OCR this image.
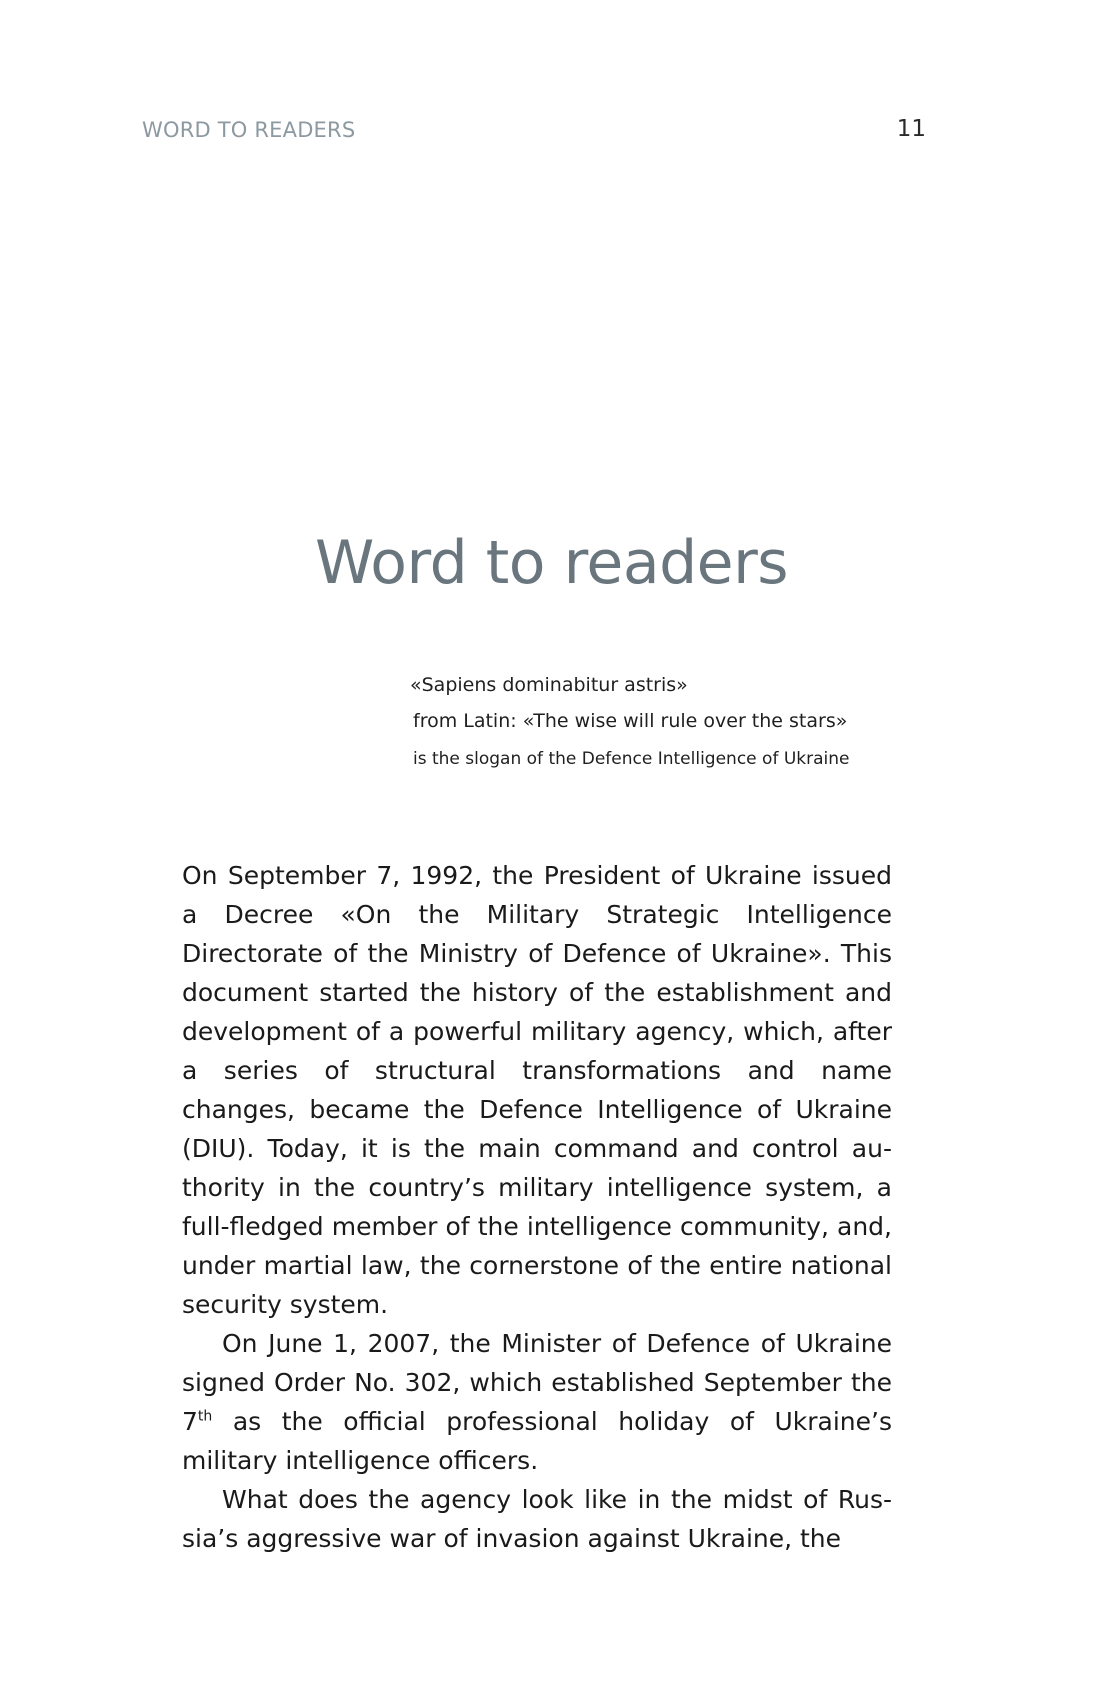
WORD TO READERS	11
Word to readers
«Sapiens dominabitur astris»
from Latin: «The wise will rule over the stars»
is the slogan of the Defence Intelligence of Ukraine

On September 7, 1992, the President of Ukraine issued a Decree «On the Military Strategic Intelligence Directorate of the Ministry of Defence of Ukraine». This document started the history of the establishment and development of a powerful military agency, which, after a series of structural transformations and name changes, became the Defence Intelligence of Ukraine (DIU). Today, it is the main command and control authority in the country’s military intelligence system, a full-fledged member of the intelligence community, and, under martial law, the cornerstone of the entire national security system.

On June 1, 2007, the Minister of Defence of Ukraine signed Order No. 302, which established September the 7th as the official professional holiday of Ukraine’s military intelligence officers.

What does the agency look like in the midst of Russia’s aggressive war of invasion against Ukraine, the
